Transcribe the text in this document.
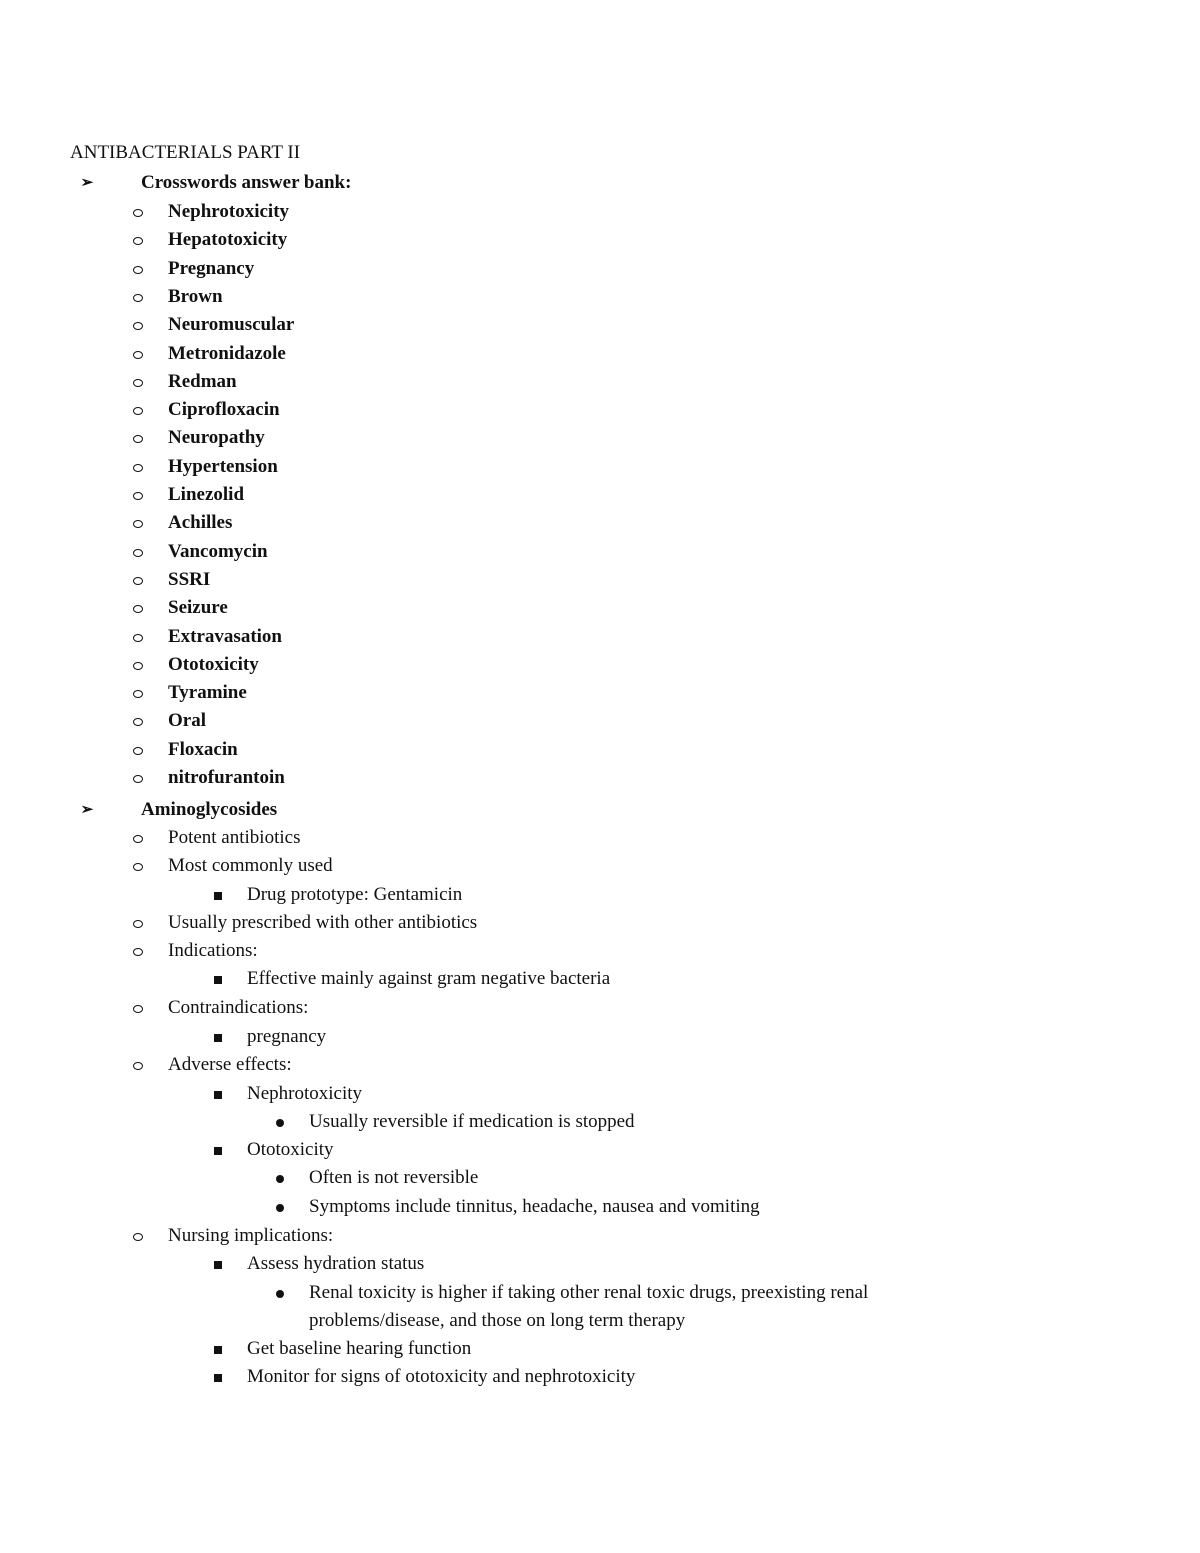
ANTIBACTERIALS PART II
➢	Crosswords answer bank:
Nephrotoxicity
Hepatotoxicity
Pregnancy
Brown
Neuromuscular
Metronidazole
Redman
Ciprofloxacin
Neuropathy
Hypertension
Linezolid
Achilles
Vancomycin
SSRI
Seizure
Extravasation
Ototoxicity
Tyramine
Oral
Floxacin
nitrofurantoin
➢	Aminoglycosides
Potent antibiotics
Most commonly used
Drug prototype: Gentamicin
Usually prescribed with other antibiotics
Indications:
Effective mainly against gram negative bacteria
Contraindications:
pregnancy
Adverse effects:
Nephrotoxicity
Usually reversible if medication is stopped
Ototoxicity
Often is not reversible
Symptoms include tinnitus, headache, nausea and vomiting
Nursing implications:
Assess hydration status
Renal toxicity is higher if taking other renal toxic drugs, preexisting renal
problems/disease, and those on long term therapy
Get baseline hearing function
Monitor for signs of ototoxicity and nephrotoxicity
